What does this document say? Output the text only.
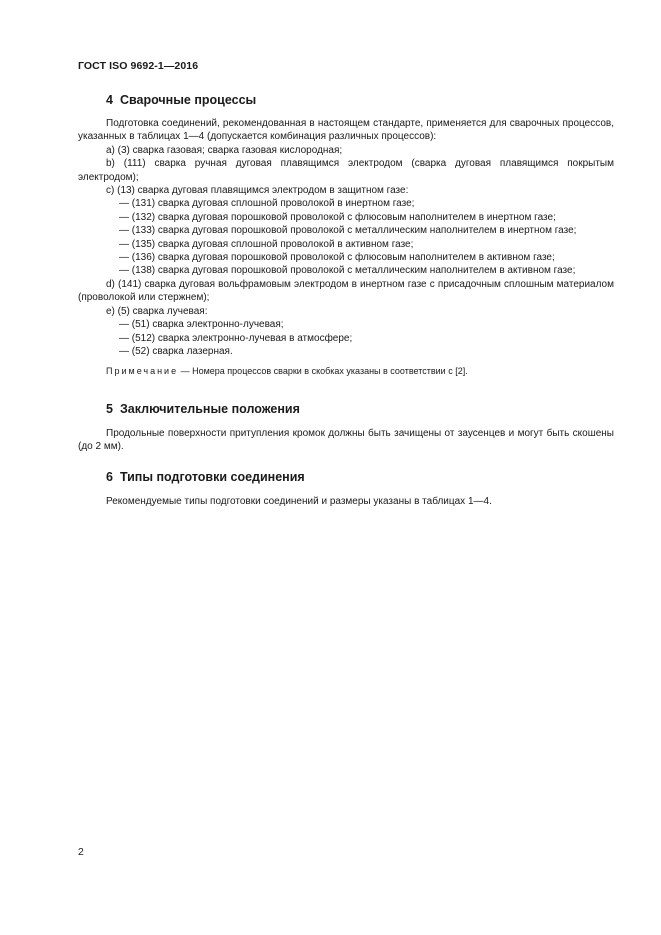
ГОСТ ISO 9692-1—2016
4 Сварочные процессы

Подготовка соединений, рекомендованная в настоящем стандарте, применяется для сварочных процессов, указанных в таблицах 1—4 (допускается комбинация различных процессов):

a) (3) сварка газовая; сварка газовая кислородная;

b) (111) сварка ручная дуговая плавящимся электродом (сварка дуговая плавящимся покрытым электродом);

c) (13) сварка дуговая плавящимся электродом в защитном газе:

— (131) сварка дуговая сплошной проволокой в инертном газе;

— (132) сварка дуговая порошковой проволокой с флюсовым наполнителем в инертном газе;

— (133) сварка дуговая порошковой проволокой с металлическим наполнителем в инертном газе;

— (135) сварка дуговая сплошной проволокой в активном газе;

— (136) сварка дуговая порошковой проволокой с флюсовым наполнителем в активном газе;

— (138) сварка дуговая порошковой проволокой с металлическим наполнителем в активном газе;

d) (141) сварка дуговая вольфрамовым электродом в инертном газе с присадочным сплошным материалом (проволокой или стержнем);

e) (5) сварка лучевая:

— (51) сварка электронно-лучевая;

— (512) сварка электронно-лучевая в атмосфере;

— (52) сварка лазерная.

Примечание — Номера процессов сварки в скобках указаны в соответствии с [2].

5 Заключительные положения

Продольные поверхности притупления кромок должны быть зачищены от заусенцев и могут быть скошены (до 2 мм).

6 Типы подготовки соединения

Рекомендуемые типы подготовки соединений и размеры указаны в таблицах 1—4.

2
